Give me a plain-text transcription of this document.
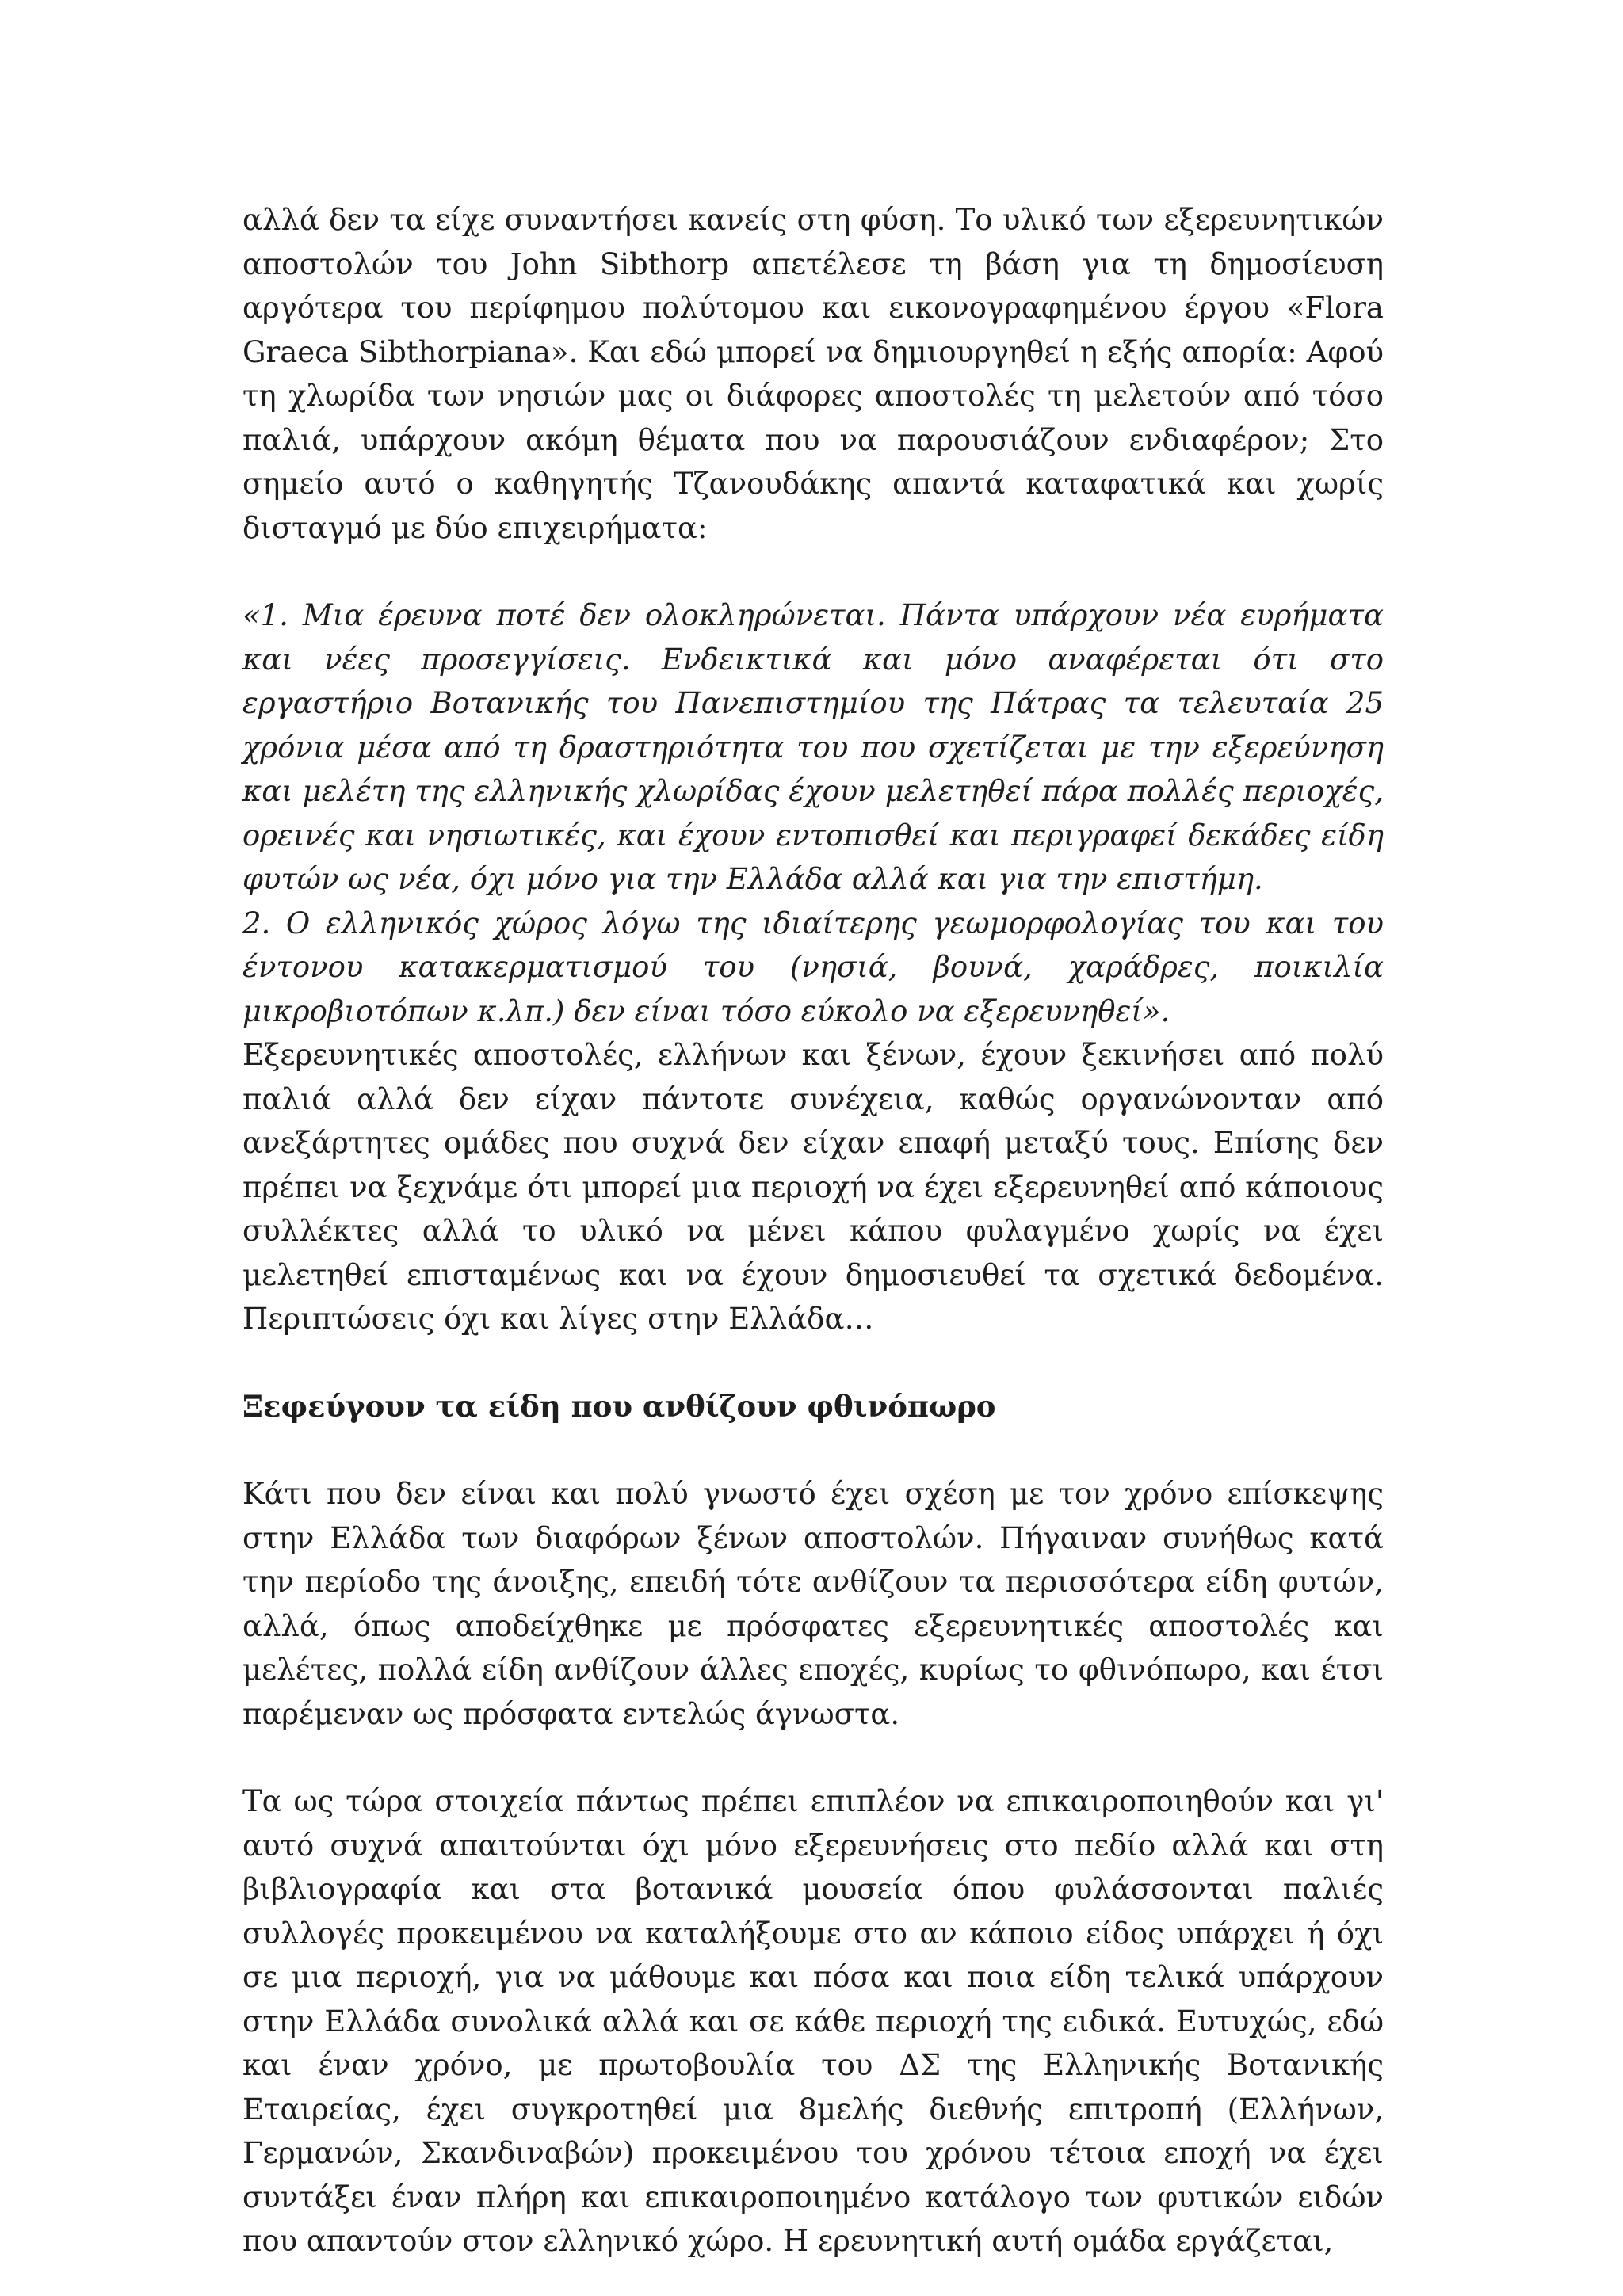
αλλά δεν τα είχε συναντήσει κανείς στη φύση. Το υλικό των εξερευνητικών αποστολών του John Sibthorp απετέλεσε τη βάση για τη δημοσίευση αργότερα του περίφημου πολύτομου και εικονογραφημένου έργου «Flora Graeca Sibthorpiana». Και εδώ μπορεί να δημιουργηθεί η εξής απορία: Αφού τη χλωρίδα των νησιών μας οι διάφορες αποστολές τη μελετούν από τόσο παλιά, υπάρχουν ακόμη θέματα που να παρουσιάζουν ενδιαφέρον; Στο σημείο αυτό ο καθηγητής Τζανουδάκης απαντά καταφατικά και χωρίς δισταγμό με δύο επιχειρήματα:

«1. Μια έρευνα ποτέ δεν ολοκληρώνεται. Πάντα υπάρχουν νέα ευρήματα και νέες προσεγγίσεις. Ενδεικτικά και μόνο αναφέρεται ότι στο εργαστήριο Βοτανικής του Πανεπιστημίου της Πάτρας τα τελευταία 25 χρόνια μέσα από τη δραστηριότητα του που σχετίζεται με την εξερεύνηση και μελέτη της ελληνικής χλωρίδας έχουν μελετηθεί πάρα πολλές περιοχές, ορεινές και νησιωτικές, και έχουν εντοπισθεί και περιγραφεί δεκάδες είδη φυτών ως νέα, όχι μόνο για την Ελλάδα αλλά και για την επιστήμη.

2. Ο ελληνικός χώρος λόγω της ιδιαίτερης γεωμορφολογίας του και του έντονου κατακερματισμού του (νησιά, βουνά, χαράδρες, ποικιλία μικροβιοτόπων κ.λπ.) δεν είναι τόσο εύκολο να εξερευνηθεί».

Εξερευνητικές αποστολές, ελλήνων και ξένων, έχουν ξεκινήσει από πολύ παλιά αλλά δεν είχαν πάντοτε συνέχεια, καθώς οργανώνονταν από ανεξάρτητες ομάδες που συχνά δεν είχαν επαφή μεταξύ τους. Επίσης δεν πρέπει να ξεχνάμε ότι μπορεί μια περιοχή να έχει εξερευνηθεί από κάποιους συλλέκτες αλλά το υλικό να μένει κάπου φυλαγμένο χωρίς να έχει μελετηθεί επισταμένως και να έχουν δημοσιευθεί τα σχετικά δεδομένα. Περιπτώσεις όχι και λίγες στην Ελλάδα…

Ξεφεύγουν τα είδη που ανθίζουν φθινόπωρο

Κάτι που δεν είναι και πολύ γνωστό έχει σχέση με τον χρόνο επίσκεψης στην Ελλάδα των διαφόρων ξένων αποστολών. Πήγαιναν συνήθως κατά την περίοδο της άνοιξης, επειδή τότε ανθίζουν τα περισσότερα είδη φυτών, αλλά, όπως αποδείχθηκε με πρόσφατες εξερευνητικές αποστολές και μελέτες, πολλά είδη ανθίζουν άλλες εποχές, κυρίως το φθινόπωρο, και έτσι παρέμεναν ως πρόσφατα εντελώς άγνωστα.

Τα ως τώρα στοιχεία πάντως πρέπει επιπλέον να επικαιροποιηθούν και γι' αυτό συχνά απαιτούνται όχι μόνο εξερευνήσεις στο πεδίο αλλά και στη βιβλιογραφία και στα βοτανικά μουσεία όπου φυλάσσονται παλιές συλλογές προκειμένου να καταλήξουμε στο αν κάποιο είδος υπάρχει ή όχι σε μια περιοχή, για να μάθουμε και πόσα και ποια είδη τελικά υπάρχουν στην Ελλάδα συνολικά αλλά και σε κάθε περιοχή της ειδικά. Ευτυχώς, εδώ και έναν χρόνο, με πρωτοβουλία του ΔΣ της Ελληνικής Βοτανικής Εταιρείας, έχει συγκροτηθεί μια 8μελής διεθνής επιτροπή (Ελλήνων, Γερμανών, Σκανδιναβών) προκειμένου του χρόνου τέτοια εποχή να έχει συντάξει έναν πλήρη και επικαιροποιημένο κατάλογο των φυτικών ειδών που απαντούν στον ελληνικό χώρο. Η ερευνητική αυτή ομάδα εργάζεται,
